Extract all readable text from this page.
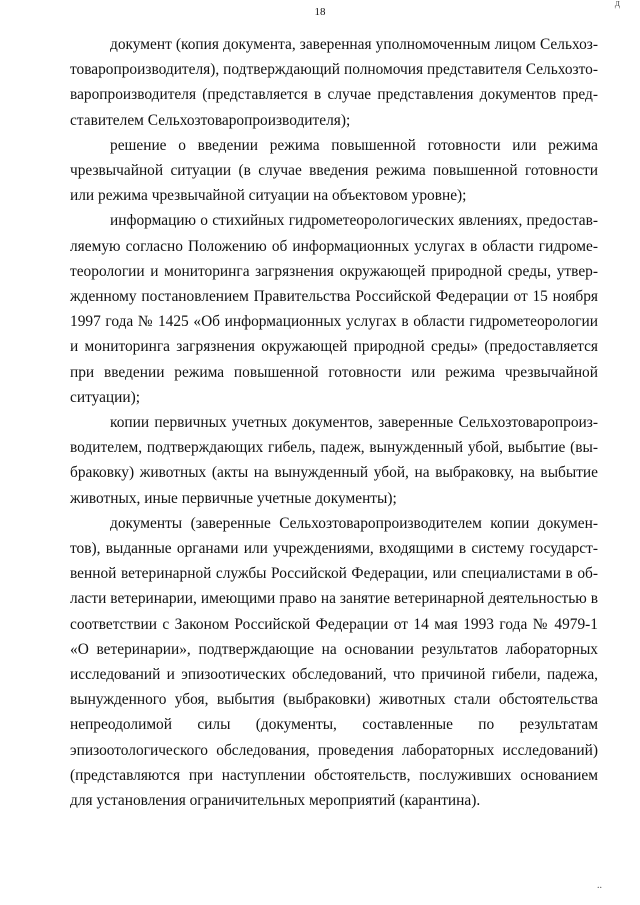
д
18

документ (копия документа, заверенная уполномоченным лицом Сельхозтоваропроизводителя), подтверждающий полномочия представителя Сельхозтоваропроизводителя (представляется в случае представления документов представителем Сельхозтоваропроизводителя);

решение о введении режима повышенной готовности или режима чрезвычайной ситуации (в случае введения режима повышенной готовности или режима чрезвычайной ситуации на объектовом уровне);

информацию о стихийных гидрометеорологических явлениях, предоставляемую согласно Положению об информационных услугах в области гидрометеорологии и мониторинга загрязнения окружающей природной среды, утвержденному постановлением Правительства Российской Федерации от 15 ноября 1997 года № 1425 «Об информационных услугах в области гидрометеорологии и мониторинга загрязнения окружающей природной среды» (предоставляется при введении режима повышенной готовности или режима чрезвычайной ситуации);

копии первичных учетных документов, заверенные Сельхозтоваропроизводителем, подтверждающих гибель, падеж, вынужденный убой, выбытие (выбраковку) животных (акты на вынужденный убой, на выбраковку, на выбытие животных, иные первичные учетные документы);

документы (заверенные Сельхозтоваропроизводителем копии документов), выданные органами или учреждениями, входящими в систему государственной ветеринарной службы Российской Федерации, или специалистами в области ветеринарии, имеющими право на занятие ветеринарной деятельностью в соответствии с Законом Российской Федерации от 14 мая 1993 года № 4979-1 «О ветеринарии», подтверждающие на основании результатов лабораторных исследований и эпизоотических обследований, что причиной гибели, падежа, вынужденного убоя, выбытия (выбраковки) животных стали обстоятельства непреодолимой силы (документы, составленные по результатам эпизоотологического обследования, проведения лабораторных исследований) (представляются при наступлении обстоятельств, послуживших основанием для установления ограничительных мероприятий (карантина).

..
